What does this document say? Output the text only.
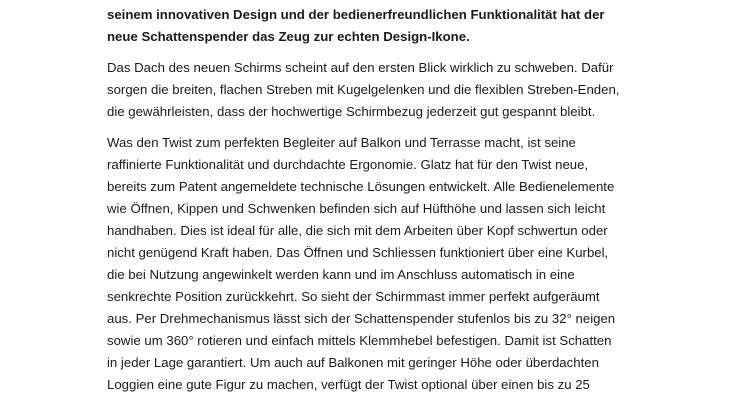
seinem innovativen Design und der bedienerfreundlichen Funktionalität hat der
neue Schattenspender das Zeug zur echten Design-Ikone.
Das Dach des neuen Schirms scheint auf den ersten Blick wirklich zu schweben. Dafür
sorgen die breiten, flachen Streben mit Kugelgelenken und die flexiblen Streben-Enden,
die gewährleisten, dass der hochwertige Schirmbezug jederzeit gut gespannt bleibt.
Was den Twist zum perfekten Begleiter auf Balkon und Terrasse macht, ist seine
raffinierte Funktionalität und durchdachte Ergonomie. Glatz hat für den Twist neue,
bereits zum Patent angemeldete technische Lösungen entwickelt. Alle Bedienelemente
wie Öffnen, Kippen und Schwenken befinden sich auf Hüfthöhe und lassen sich leicht
handhaben. Dies ist ideal für alle, die sich mit dem Arbeiten über Kopf schwertun oder
nicht genügend Kraft haben. Das Öffnen und Schliessen funktioniert über eine Kurbel,
die bei Nutzung angewinkelt werden kann und im Anschluss automatisch in eine
senkrechte Position zurückkehrt. So sieht der Schirmmast immer perfekt aufgeräumt
aus. Per Drehmechanismus lässt sich der Schattenspender stufenlos bis zu 32° neigen
sowie um 360° rotieren und einfach mittels Klemmhebel befestigen. Damit ist Schatten
in jeder Lage garantiert. Um auch auf Balkonen mit geringer Höhe oder überdachten
Loggien eine gute Figur zu machen, verfügt der Twist optional über einen bis zu 25
